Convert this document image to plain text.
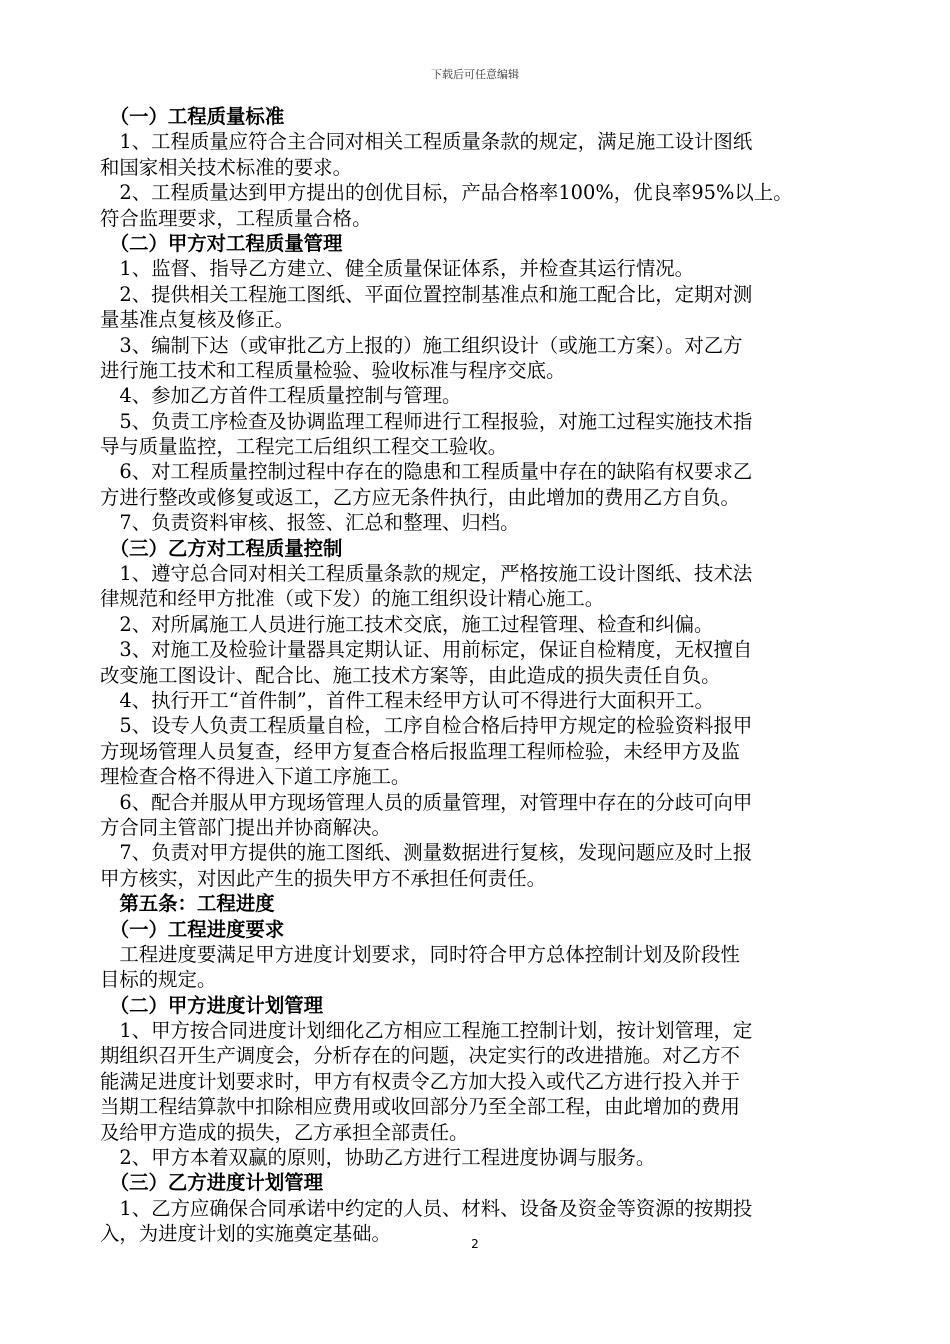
下载后可任意编辑
　（一）工程质量标准
　1、工程质量应符合主合同对相关工程质量条款的规定，满足施工设计图纸
和国家相关技术标准的要求。
　2、工程质量达到甲方提出的创优目标，产品合格率100%，优良率95%以上。
符合监理要求，工程质量合格。
　（二）甲方对工程质量管理
　1、监督、指导乙方建立、健全质量保证体系，并检查其运行情况。
　2、提供相关工程施工图纸、平面位置控制基准点和施工配合比，定期对测
量基准点复核及修正。
　3、编制下达（或审批乙方上报的）施工组织设计（或施工方案）。对乙方
进行施工技术和工程质量检验、验收标准与程序交底。
　4、参加乙方首件工程质量控制与管理。
　5、负责工序检查及协调监理工程师进行工程报验，对施工过程实施技术指
导与质量监控，工程完工后组织工程交工验收。
　6、对工程质量控制过程中存在的隐患和工程质量中存在的缺陷有权要求乙
方进行整改或修复或返工，乙方应无条件执行，由此增加的费用乙方自负。
　7、负责资料审核、报签、汇总和整理、归档。
　（三）乙方对工程质量控制
　1、遵守总合同对相关工程质量条款的规定，严格按施工设计图纸、技术法
律规范和经甲方批准（或下发）的施工组织设计精心施工。
　2、对所属施工人员进行施工技术交底，施工过程管理、检查和纠偏。
　3、对施工及检验计量器具定期认证、用前标定，保证自检精度，无权擅自
改变施工图设计、配合比、施工技术方案等，由此造成的损失责任自负。
　4、执行开工“首件制”，首件工程未经甲方认可不得进行大面积开工。
　5、设专人负责工程质量自检，工序自检合格后持甲方规定的检验资料报甲
方现场管理人员复查，经甲方复查合格后报监理工程师检验，未经甲方及监
理检查合格不得进入下道工序施工。
　6、配合并服从甲方现场管理人员的质量管理，对管理中存在的分歧可向甲
方合同主管部门提出并协商解决。
　7、负责对甲方提供的施工图纸、测量数据进行复核，发现问题应及时上报
甲方核实，对因此产生的损失甲方不承担任何责任。
　第五条：工程进度
　（一）工程进度要求
　工程进度要满足甲方进度计划要求，同时符合甲方总体控制计划及阶段性
目标的规定。
　（二）甲方进度计划管理
　1、甲方按合同进度计划细化乙方相应工程施工控制计划，按计划管理，定
期组织召开生产调度会，分析存在的问题，决定实行的改进措施。对乙方不
能满足进度计划要求时，甲方有权责令乙方加大投入或代乙方进行投入并于
当期工程结算款中扣除相应费用或收回部分乃至全部工程，由此增加的费用
及给甲方造成的损失，乙方承担全部责任。
　2、甲方本着双赢的原则，协助乙方进行工程进度协调与服务。
　（三）乙方进度计划管理
　1、乙方应确保合同承诺中约定的人员、材料、设备及资金等资源的按期投
入，为进度计划的实施奠定基础。	2
